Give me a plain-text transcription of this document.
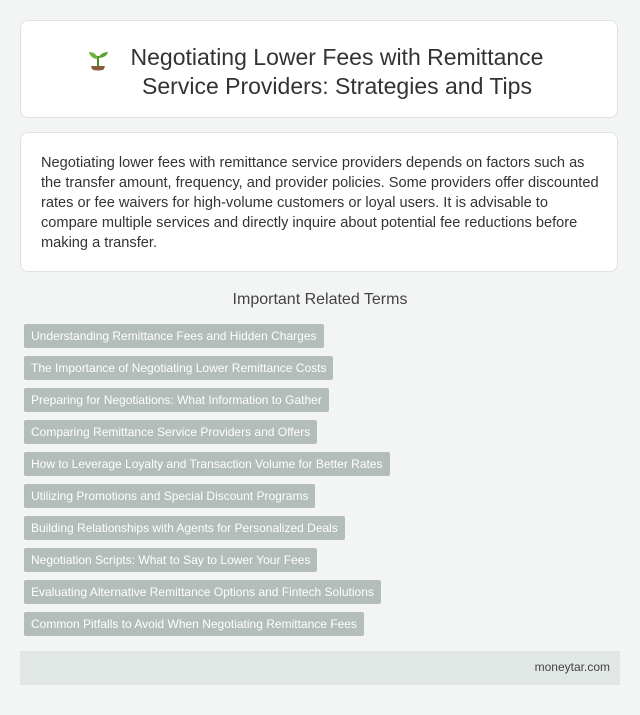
Negotiating Lower Fees with Remittance Service Providers: Strategies and Tips

Negotiating lower fees with remittance service providers depends on factors such as the transfer amount, frequency, and provider policies. Some providers offer discounted rates or fee waivers for high-volume customers or loyal users. It is advisable to compare multiple services and directly inquire about potential fee reductions before making a transfer.

Important Related Terms
Understanding Remittance Fees and Hidden Charges
The Importance of Negotiating Lower Remittance Costs
Preparing for Negotiations: What Information to Gather
Comparing Remittance Service Providers and Offers
How to Leverage Loyalty and Transaction Volume for Better Rates
Utilizing Promotions and Special Discount Programs
Building Relationships with Agents for Personalized Deals
Negotiation Scripts: What to Say to Lower Your Fees
Evaluating Alternative Remittance Options and Fintech Solutions
Common Pitfalls to Avoid When Negotiating Remittance Fees
moneytar.com
